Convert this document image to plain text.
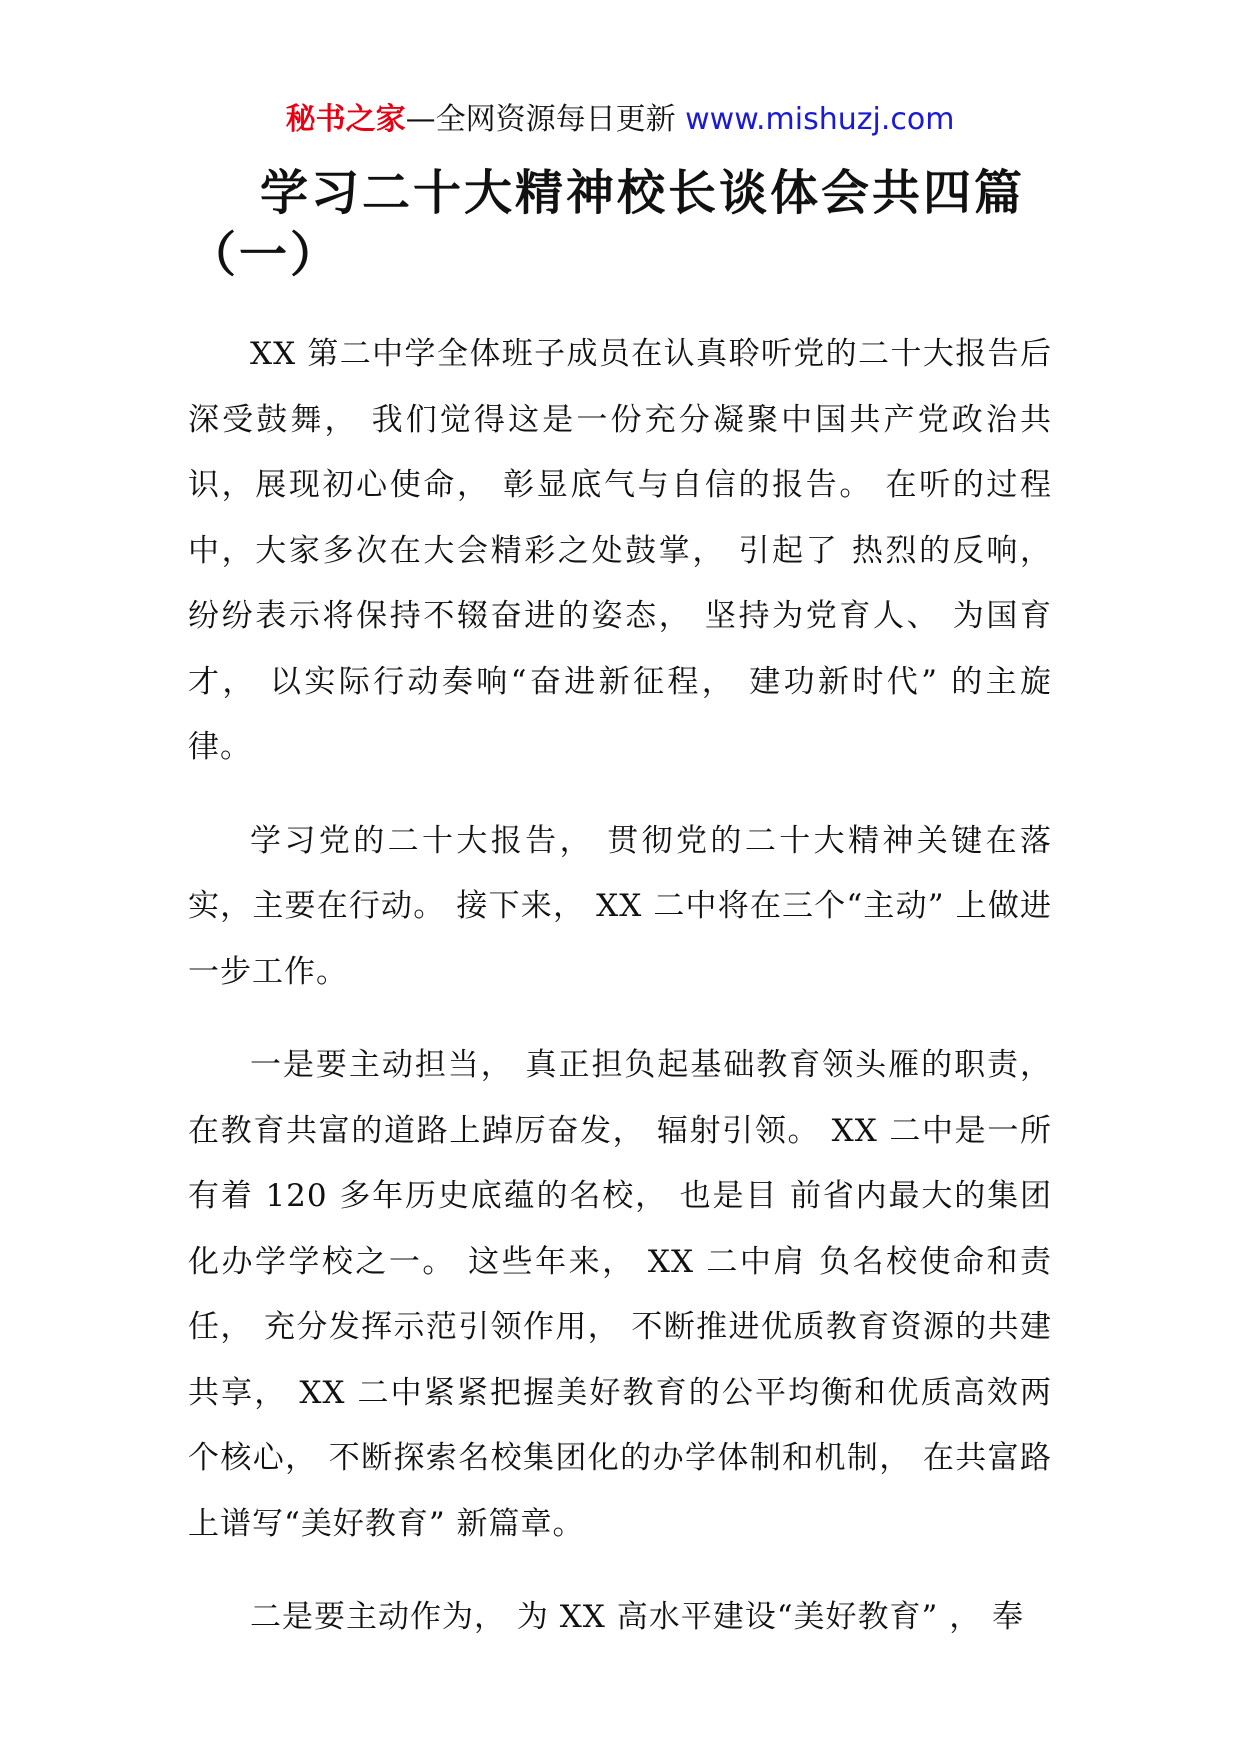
秘书之家—全网资源每日更新 www.mishuzj.com
学习二十大精神校长谈体会共四篇（一）

XX 第二中学全体班子成员在认真聆听党的二十大报告后深受鼓舞， 我们觉得这是一份充分凝聚中国共产党政治共识，展现初心使命， 彰显底气与自信的报告。 在听的过程中，大家多次在大会精彩之处鼓掌， 引起了 热烈的反响， 纷纷表示将保持不辍奋进的姿态， 坚持为党育人、 为国育才， 以实际行动奏响“奋进新征程， 建功新时代” 的主旋律。

学习党的二十大报告， 贯彻党的二十大精神关键在落实，主要在行动。 接下来， XX 二中将在三个“主动” 上做进一步工作。

一是要主动担当， 真正担负起基础教育领头雁的职责，在教育共富的道路上踔厉奋发， 辐射引领。 XX 二中是一所有着 120 多年历史底蕴的名校， 也是目 前省内最大的集团化办学学校之一。 这些年来， XX 二中肩 负名校使命和责任， 充分发挥示范引领作用， 不断推进优质教育资源的共建共享， XX 二中紧紧把握美好教育的公平均衡和优质高效两个核心， 不断探索名校集团化的办学体制和机制， 在共富路上谱写“美好教育” 新篇章。

二是要主动作为， 为 XX 高水平建设“美好教育” ， 奉
